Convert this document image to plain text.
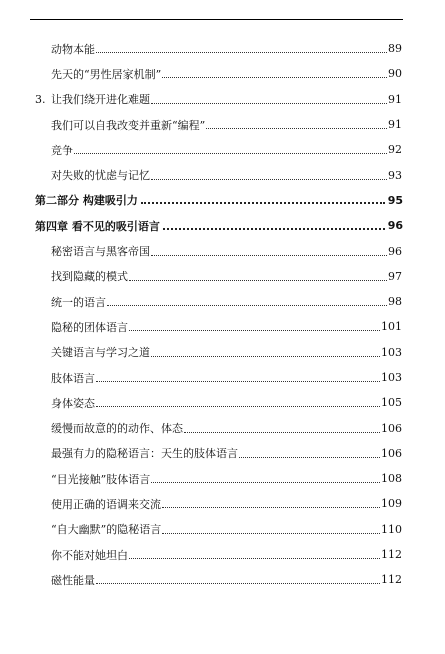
动物本能	89
先天的“男性居家机制”	90
3. 让我们绕开进化难题	91
我们可以自我改变并重新“编程”	91
竞争	92
对失败的忧虑与记忆	93
第二部分 构建吸引力	95
第四章 看不见的吸引语言	96
秘密语言与黑客帝国	96
找到隐藏的模式	97
统一的语言	98
隐秘的团体语言	101
关键语言与学习之道	103
肢体语言	103
身体姿态	105
缓慢而故意的的动作、体态	106
最强有力的隐秘语言：天生的肢体语言	106
“目光接触”肢体语言	108
使用正确的语调来交流	109
“自大幽默”的隐秘语言	110
你不能对她坦白	112
磁性能量	112
